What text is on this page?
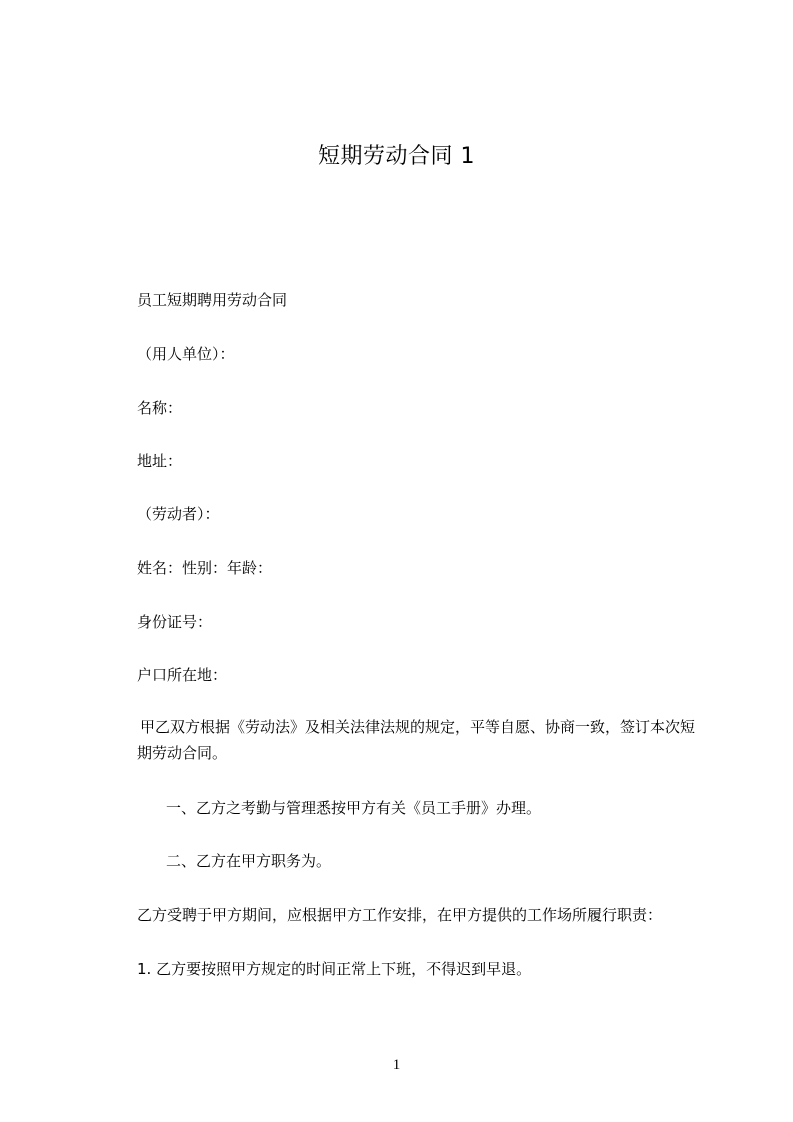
短期劳动合同 1
员工短期聘用劳动合同
（用人单位）：
名称：
地址：
（劳动者）：
姓名：性别：年龄：
身份证号：
户口所在地：
甲乙双方根据《劳动法》及相关法律法规的规定，平等自愿、协商一致，签订本次短期劳动合同。
一、乙方之考勤与管理悉按甲方有关《员工手册》办理。
二、乙方在甲方职务为。
乙方受聘于甲方期间，应根据甲方工作安排，在甲方提供的工作场所履行职责：
1. 乙方要按照甲方规定的时间正常上下班，不得迟到早退。
1
